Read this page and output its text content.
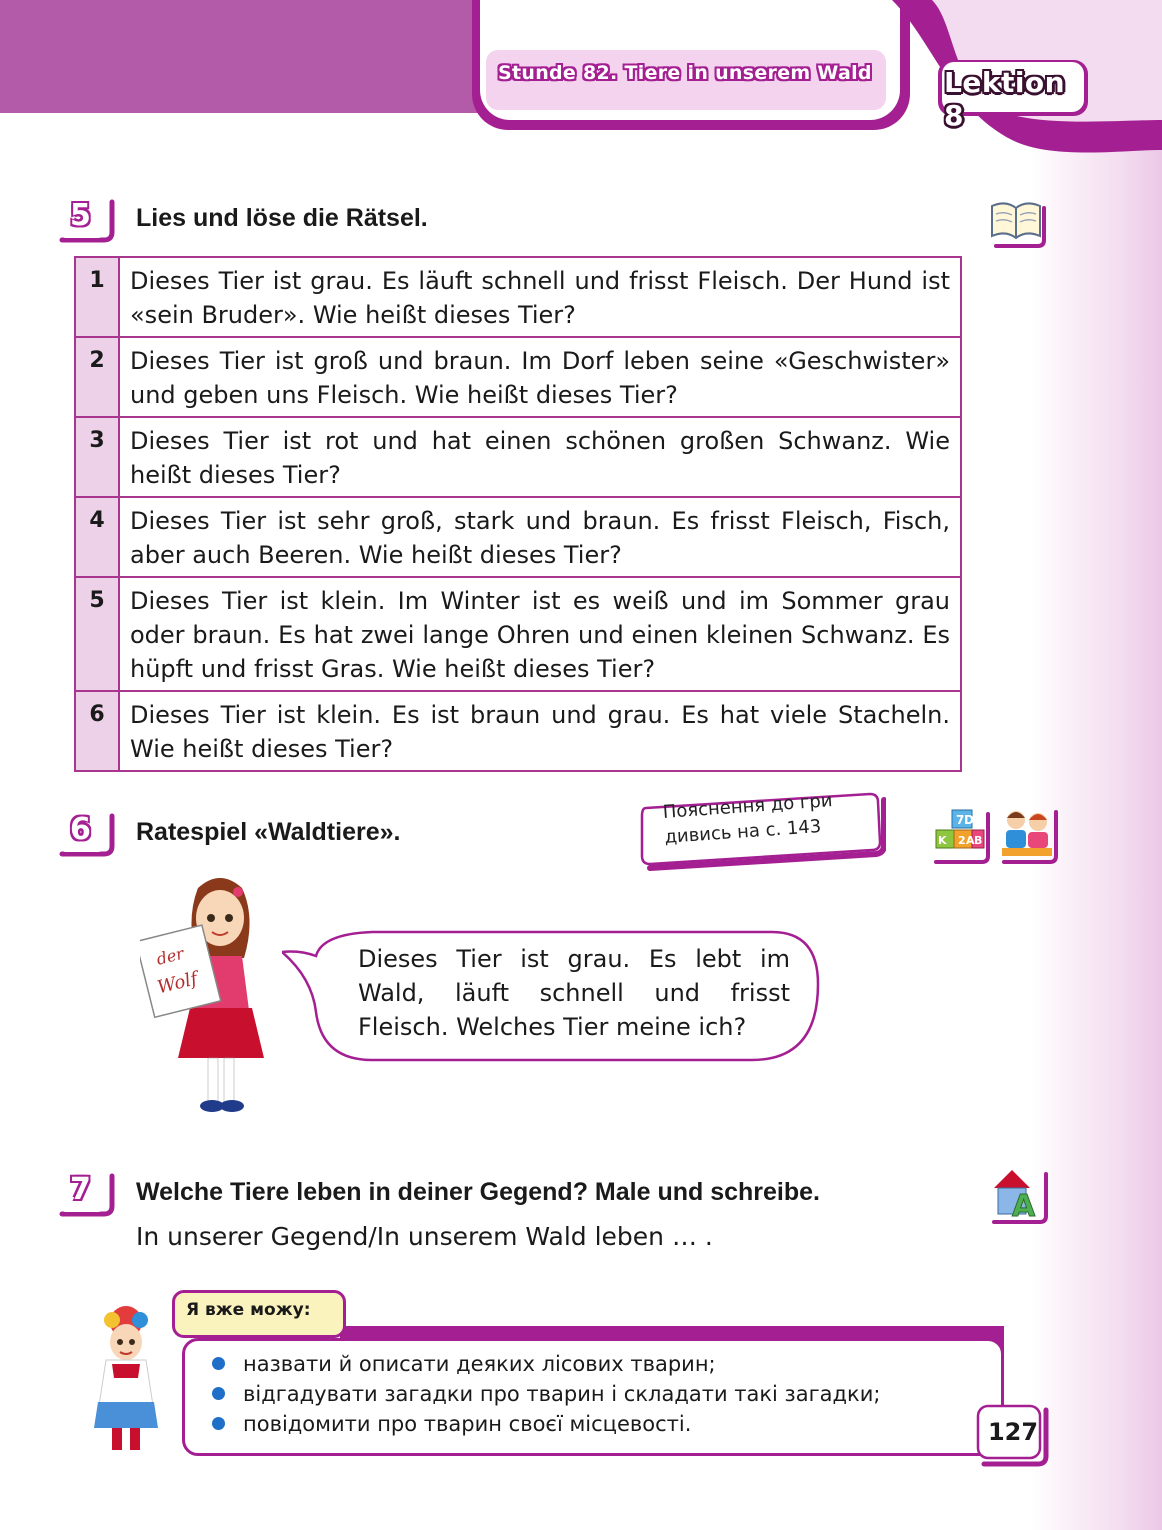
Stunde 82. Tiere in unserem Wald	Lektion 8
5	Lies und löse die Rätsel.
1	Dieses Tier ist grau. Es läuft schnell und frisst Fleisch. Der Hund ist «sein Bruder». Wie heißt dieses Tier?
2	Dieses Tier ist groß und braun. Im Dorf leben seine «Geschwister» und geben uns Fleisch. Wie heißt dieses Tier?
3	Dieses Tier ist rot und hat einen schönen großen Schwanz. Wie heißt dieses Tier?
4	Dieses Tier ist sehr groß, stark und braun. Es frisst Fleisch, Fisch, aber auch Beeren. Wie heißt dieses Tier?
5	Dieses Tier ist klein. Im Winter ist es weiß und im Sommer grau oder braun. Es hat zwei lange Ohren und einen kleinen Schwanz. Es hüpft und frisst Gras. Wie heißt dieses Tier?
6	Dieses Tier ist klein. Es ist braun und grau. Es hat viele Stacheln. Wie heißt dieses Tier?
6	Ratespiel «Waldtiere».
Пояснення до гри
дивись на с. 143	7 D
K 2 A B
der
Wolf
Dieses Tier ist grau. Es lebt im Wald, läuft schnell und frisst Fleisch. Welches Tier meine ich?
7	Welche Tiere leben in deiner Gegend? Male und schreibe.
In unserer Gegend/In unserem Wald leben … .
A
Я вже можу:
назвати й описати деяких лісових тварин;
відгадувати загадки про тварин і складати такі загадки;
повідомити про тварин своєї місцевості.	127
